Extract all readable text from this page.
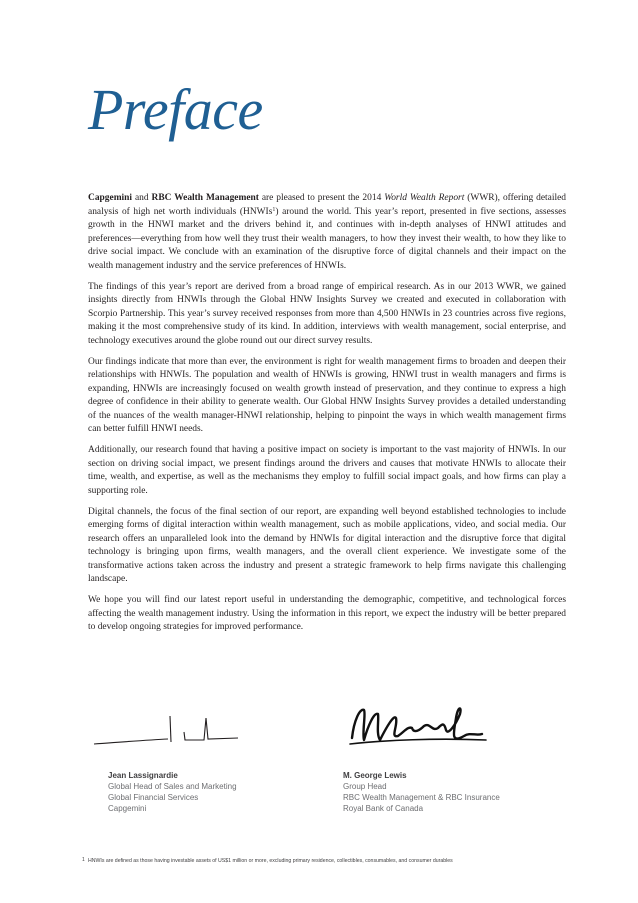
Preface

Capgemini and RBC Wealth Management are pleased to present the 2014 World Wealth Report (WWR), offering detailed analysis of high net worth individuals (HNWIs$^1$) around the world. This year’s report, presented in five sections, assesses growth in the HNWI market and the drivers behind it, and continues with in-depth analyses of HNWI attitudes and preferences—everything from how well they trust their wealth managers, to how they invest their wealth, to how they like to drive social impact. We conclude with an examination of the disruptive force of digital channels and their impact on the wealth management industry and the service preferences of HNWIs.

The findings of this year’s report are derived from a broad range of empirical research. As in our 2013 WWR, we gained insights directly from HNWIs through the Global HNW Insights Survey we created and executed in collaboration with Scorpio Partnership. This year’s survey received responses from more than 4,500 HNWIs in 23 countries across five regions, making it the most comprehensive study of its kind. In addition, interviews with wealth management, social enterprise, and technology executives around the globe round out our direct survey results.

Our findings indicate that more than ever, the environment is right for wealth management firms to broaden and deepen their relationships with HNWIs. The population and wealth of HNWIs is growing, HNWI trust in wealth managers and firms is expanding, HNWIs are increasingly focused on wealth growth instead of preservation, and they continue to express a high degree of confidence in their ability to generate wealth. Our Global HNW Insights Survey provides a detailed understanding of the nuances of the wealth manager-HNWI relationship, helping to pinpoint the ways in which wealth management firms can better fulfill HNWI needs.

Additionally, our research found that having a positive impact on society is important to the vast majority of HNWIs. In our section on driving social impact, we present findings around the drivers and causes that motivate HNWIs to allocate their time, wealth, and expertise, as well as the mechanisms they employ to fulfill social impact goals, and how firms can play a supporting role.

Digital channels, the focus of the final section of our report, are expanding well beyond established technologies to include emerging forms of digital interaction within wealth management, such as mobile applications, video, and social media. Our research offers an unparalleled look into the demand by HNWIs for digital interaction and the disruptive force that digital technology is bringing upon firms, wealth managers, and the overall client experience. We investigate some of the transformative actions taken across the industry and present a strategic framework to help firms navigate this challenging landscape.

We hope you will find our latest report useful in understanding the demographic, competitive, and technological forces affecting the wealth management industry. Using the information in this report, we expect the industry will be better prepared to develop ongoing strategies for improved performance.

Jean Lassignardie
Global Head of Sales and Marketing
Global Financial Services
Capgemini
M. George Lewis
Group Head
RBC Wealth Management & RBC Insurance
Royal Bank of Canada
1 HNWIs are defined as those having investable assets of US$1 million or more, excluding primary residence, collectibles, consumables, and consumer durables
